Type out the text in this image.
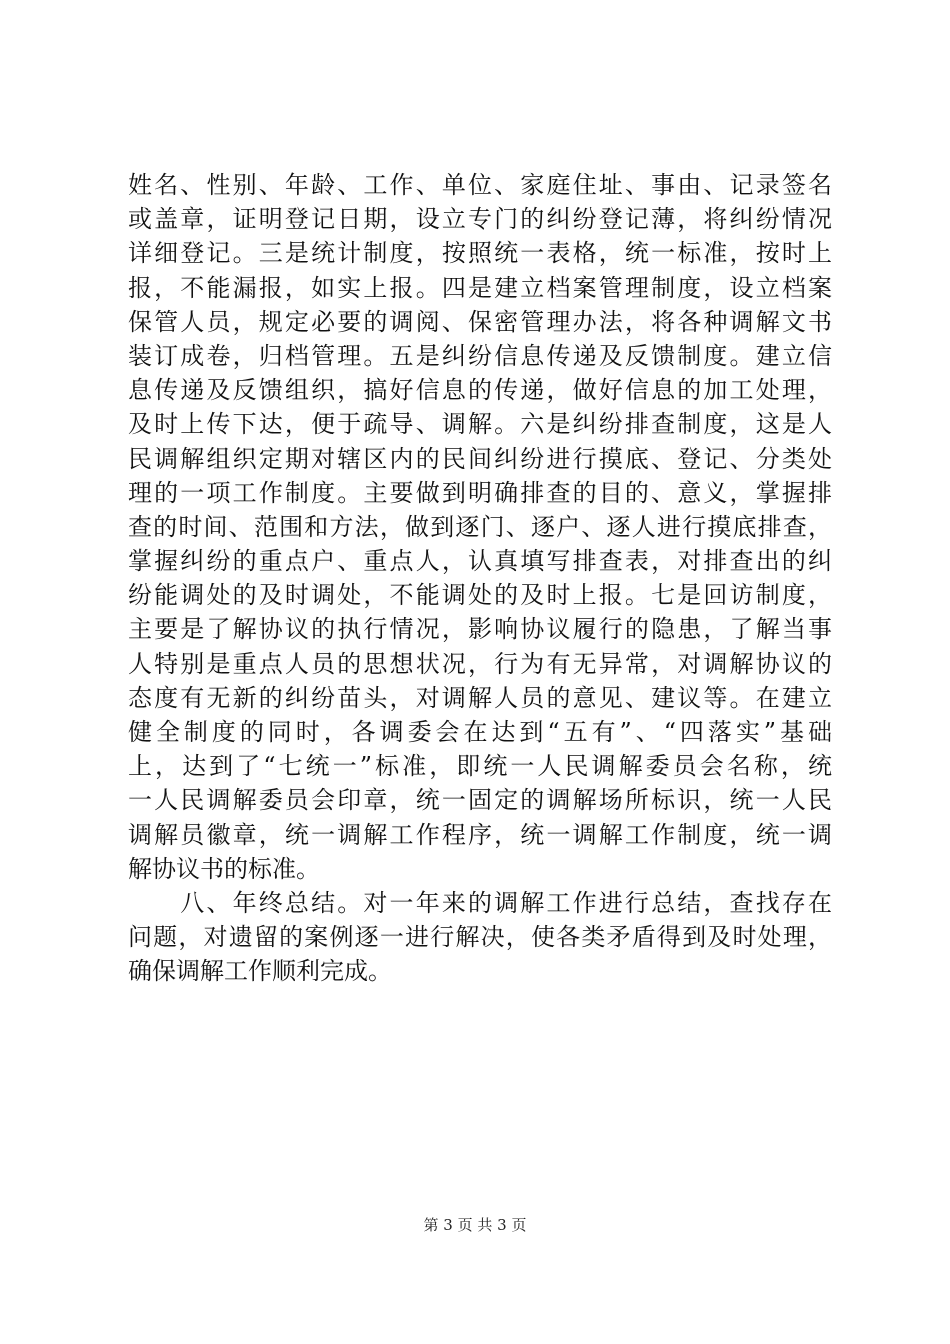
姓名、性别、年龄、工作、单位、家庭住址、事由、记录签名
或盖章，证明登记日期，设立专门的纠纷登记薄，将纠纷情况
详细登记。三是统计制度，按照统一表格，统一标准，按时上
报，不能漏报，如实上报。四是建立档案管理制度，设立档案
保管人员，规定必要的调阅、保密管理办法，将各种调解文书
装订成卷，归档管理。五是纠纷信息传递及反馈制度。建立信
息传递及反馈组织，搞好信息的传递，做好信息的加工处理，
及时上传下达，便于疏导、调解。六是纠纷排查制度，这是人
民调解组织定期对辖区内的民间纠纷进行摸底、登记、分类处
理的一项工作制度。主要做到明确排查的目的、意义，掌握排
查的时间、范围和方法，做到逐门、逐户、逐人进行摸底排查，
掌握纠纷的重点户、重点人，认真填写排查表，对排查出的纠
纷能调处的及时调处，不能调处的及时上报。七是回访制度，
主要是了解协议的执行情况，影响协议履行的隐患，了解当事
人特别是重点人员的思想状况，行为有无异常，对调解协议的
态度有无新的纠纷苗头，对调解人员的意见、建议等。在建立
健全制度的同时，各调委会在达到“五有”、“四落实”基础
上，达到了“七统一”标准，即统一人民调解委员会名称，统
一人民调解委员会印章，统一固定的调解场所标识，统一人民
调解员徽章，统一调解工作程序，统一调解工作制度，统一调
解协议书的标准。
　　八、年终总结。对一年来的调解工作进行总结，查找存在
问题，对遗留的案例逐一进行解决，使各类矛盾得到及时处理，
确保调解工作顺利完成。
第 3 页 共 3 页
